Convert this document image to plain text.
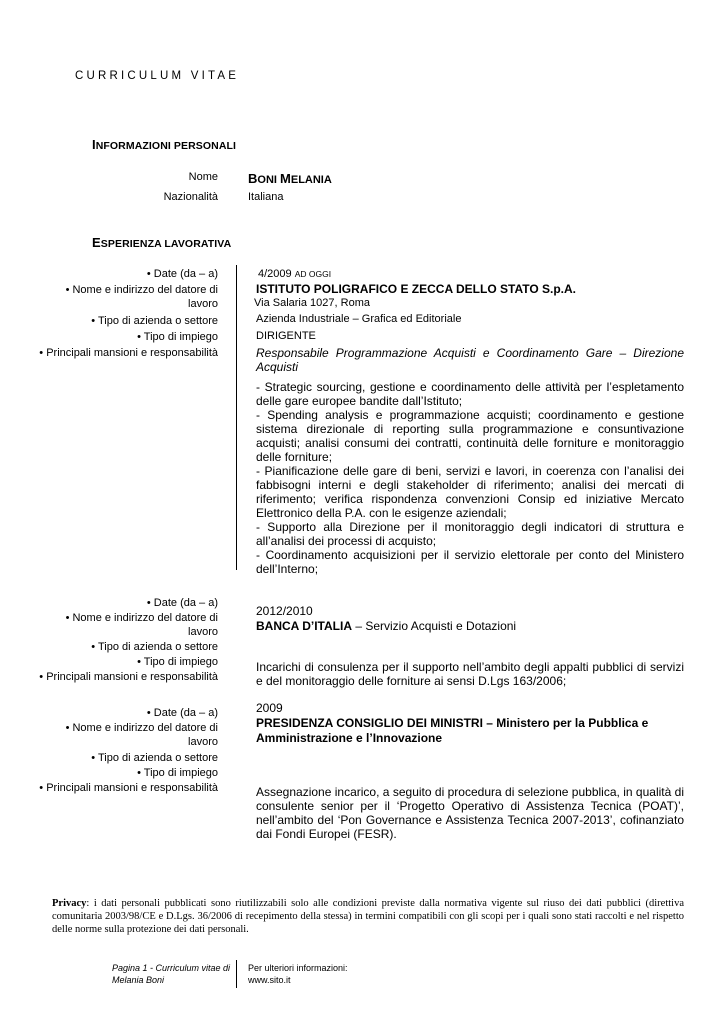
CURRICULUM VITAE
INFORMAZIONI PERSONALI
Nome BONI MELANIA
Nazionalità	Italiana
ESPERIENZA LAVORATIVA
• Date (da – a)
• Nome e indirizzo del datore di
lavoro
• Tipo di azienda o settore
• Tipo di impiego
• Principali mansioni e responsabilità
4/2009 AD OGGI
ISTITUTO POLIGRAFICO E ZECCA DELLO STATO S.p.A.
Via Salaria 1027, Roma
Azienda Industriale – Grafica ed Editoriale
DIRIGENTE
Responsabile Programmazione Acquisti e Coordinamento Gare – Direzione Acquisti

- Strategic sourcing, gestione e coordinamento delle attività per l’espletamento delle gare europee bandite dall’Istituto;

- Spending analysis e programmazione acquisti; coordinamento e gestione sistema direzionale di reporting sulla programmazione e consuntivazione acquisti; analisi consumi dei contratti, continuità delle forniture e monitoraggio delle forniture;

- Pianificazione delle gare di beni, servizi e lavori, in coerenza con l’analisi dei fabbisogni interni e degli stakeholder di riferimento; analisi dei mercati di riferimento; verifica rispondenza convenzioni Consip ed iniziative Mercato Elettronico della P.A. con le esigenze aziendali;

- Supporto alla Direzione per il monitoraggio degli indicatori di struttura e all’analisi dei processi di acquisto;

- Coordinamento acquisizioni per il servizio elettorale per conto del Ministero dell’Interno;

• Date (da – a)
• Nome e indirizzo del datore di
lavoro
• Tipo di azienda o settore
• Tipo di impiego
• Principali mansioni e responsabilità
2012/2010
BANCA D’ITALIA – Servizio Acquisti e Dotazioni
Incarichi di consulenza per il supporto nell’ambito degli appalti pubblici di servizi e del monitoraggio delle forniture ai sensi D.Lgs 163/2006;
• Date (da – a)
• Nome e indirizzo del datore di
lavoro
• Tipo di azienda o settore
• Tipo di impiego
• Principali mansioni e responsabilità
2009
PRESIDENZA CONSIGLIO DEI MINISTRI – Ministero per la Pubblica e Amministrazione e l’Innovazione
Assegnazione incarico, a seguito di procedura di selezione pubblica, in qualità di consulente senior per il ‘Progetto Operativo di Assistenza Tecnica (POAT)’, nell’ambito del ‘Pon Governance e Assistenza Tecnica 2007-2013’, cofinanziato dai Fondi Europei (FESR).
Privacy: i dati personali pubblicati sono riutilizzabili solo alle condizioni previste dalla normativa vigente sul riuso dei dati pubblici (direttiva comunitaria 2003/98/CE e D.Lgs. 36/2006 di recepimento della stessa) in termini compatibili con gli scopi per i quali sono stati raccolti e nel rispetto delle norme sulla protezione dei dati personali.
Pagina 1 - Curriculum vitae di
Melania Boni
Per ulteriori informazioni:
www.sito.it
